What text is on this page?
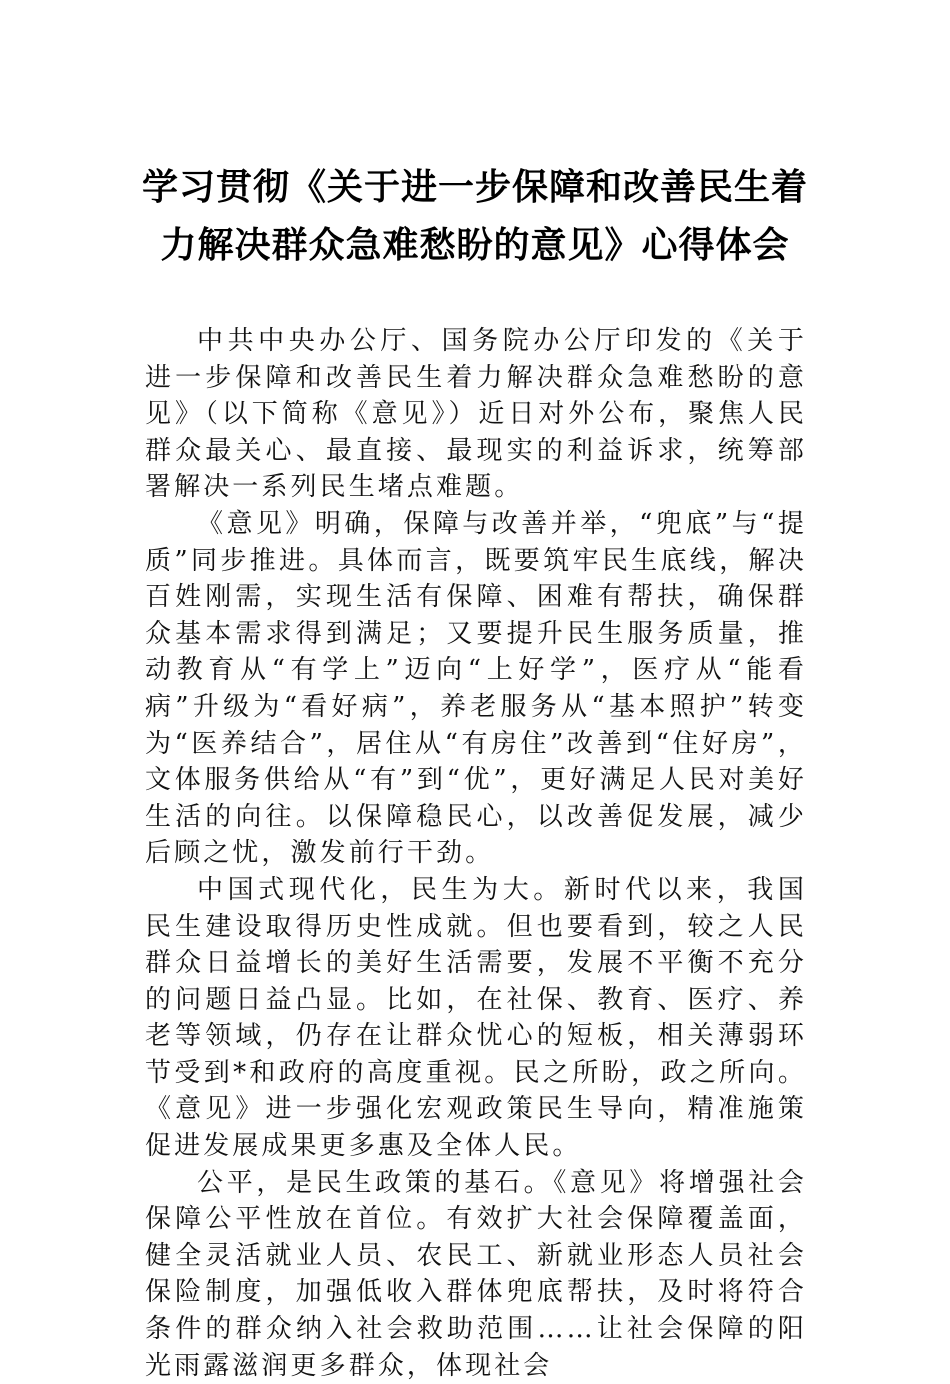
学习贯彻《关于进一步保障和改善民生着
力解决群众急难愁盼的意见》心得体会

中共中央办公厅、国务院办公厅印发的《关于进一步保障和改善民生着力解决群众急难愁盼的意见》（以下简称《意见》）近日对外公布，聚焦人民群众最关心、最直接、最现实的利益诉求，统筹部署解决一系列民生堵点难题。

《意见》明确，保障与改善并举，“兜底”与“提质”同步推进。具体而言，既要筑牢民生底线，解决百姓刚需，实现生活有保障、困难有帮扶，确保群众基本需求得到满足；又要提升民生服务质量，推动教育从“有学上”迈向“上好学”，医疗从“能看病”升级为“看好病”，养老服务从“基本照护”转变为“医养结合”，居住从“有房住”改善到“住好房”，文体服务供给从“有”到“优”，更好满足人民对美好生活的向往。以保障稳民心，以改善促发展，减少后顾之忧，激发前行干劲。

中国式现代化，民生为大。新时代以来，我国民生建设取得历史性成就。但也要看到，较之人民群众日益增长的美好生活需要，发展不平衡不充分的问题日益凸显。比如，在社保、教育、医疗、养老等领域，仍存在让群众忧心的短板，相关薄弱环节受到*和政府的高度重视。民之所盼，政之所向。《意见》进一步强化宏观政策民生导向，精准施策促进发展成果更多惠及全体人民。

公平，是民生政策的基石。《意见》将增强社会保障公平性放在首位。有效扩大社会保障覆盖面，健全灵活就业人员、农民工、新就业形态人员社会保险制度，加强低收入群体兜底帮扶，及时将符合条件的群众纳入社会救助范围……让社会保障的阳光雨露滋润更多群众，体现社会
